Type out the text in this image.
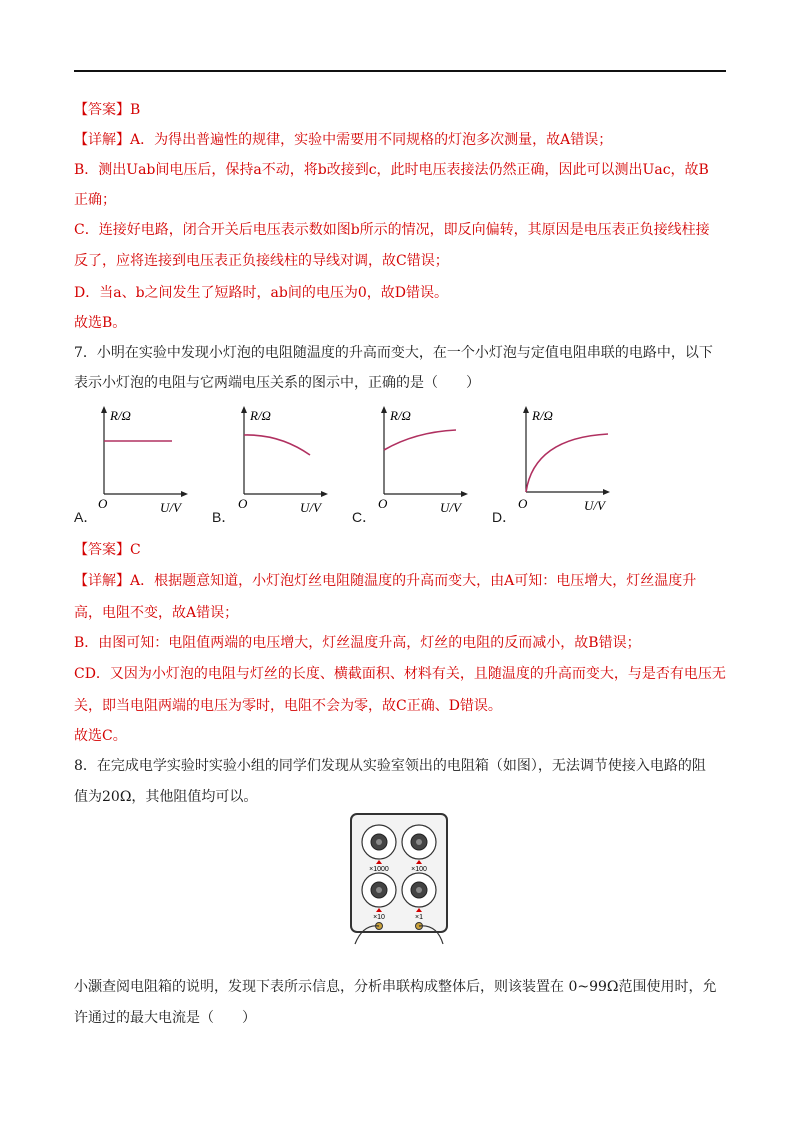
【答案】B
【详解】A．为得出普遍性的规律，实验中需要用不同规格的灯泡多次测量，故A错误；
B．测出Uab间电压后，保持a不动，将b改接到c，此时电压表接法仍然正确，因此可以测出Uac，故B
正确；
C．连接好电路，闭合开关后电压表示数如图b所示的情况，即反向偏转，其原因是电压表正负接线柱接
反了，应将连接到电压表正负接线柱的导线对调，故C错误；
D．当a、b之间发生了短路时，ab间的电压为0，故D错误。
故选B。
7．小明在实验中发现小灯泡的电阻随温度的升高而变大，在一个小灯泡与定值电阻串联的电路中，以下
表示小灯泡的电阻与它两端电压关系的图示中，正确的是（　　）
R/Ω
U/V
O
A．
R/Ω
U/V
O
B．
R/Ω
U/V
O
C．
R/Ω
U/V
O
D．
【答案】C
【详解】A．根据题意知道，小灯泡灯丝电阻随温度的升高而变大，由A可知：电压增大，灯丝温度升
高，电阻不变，故A错误；
B．由图可知：电阻值两端的电压增大，灯丝温度升高，灯丝的电阻的反而减小，故B错误；
CD．又因为小灯泡的电阻与灯丝的长度、横截面积、材料有关，且随温度的升高而变大，与是否有电压无
关，即当电阻两端的电压为零时，电阻不会为零，故C正确、D错误。
故选C。
8．在完成电学实验时实验小组的同学们发现从实验室领出的电阻箱（如图），无法调节使接入电路的阻
值为20Ω，其他阻值均可以。
×1000	×100
×10	×1
小灏查阅电阻箱的说明，发现下表所示信息，分析串联构成整体后，则该装置在 0~99Ω范围使用时，允
许通过的最大电流是（　　）
